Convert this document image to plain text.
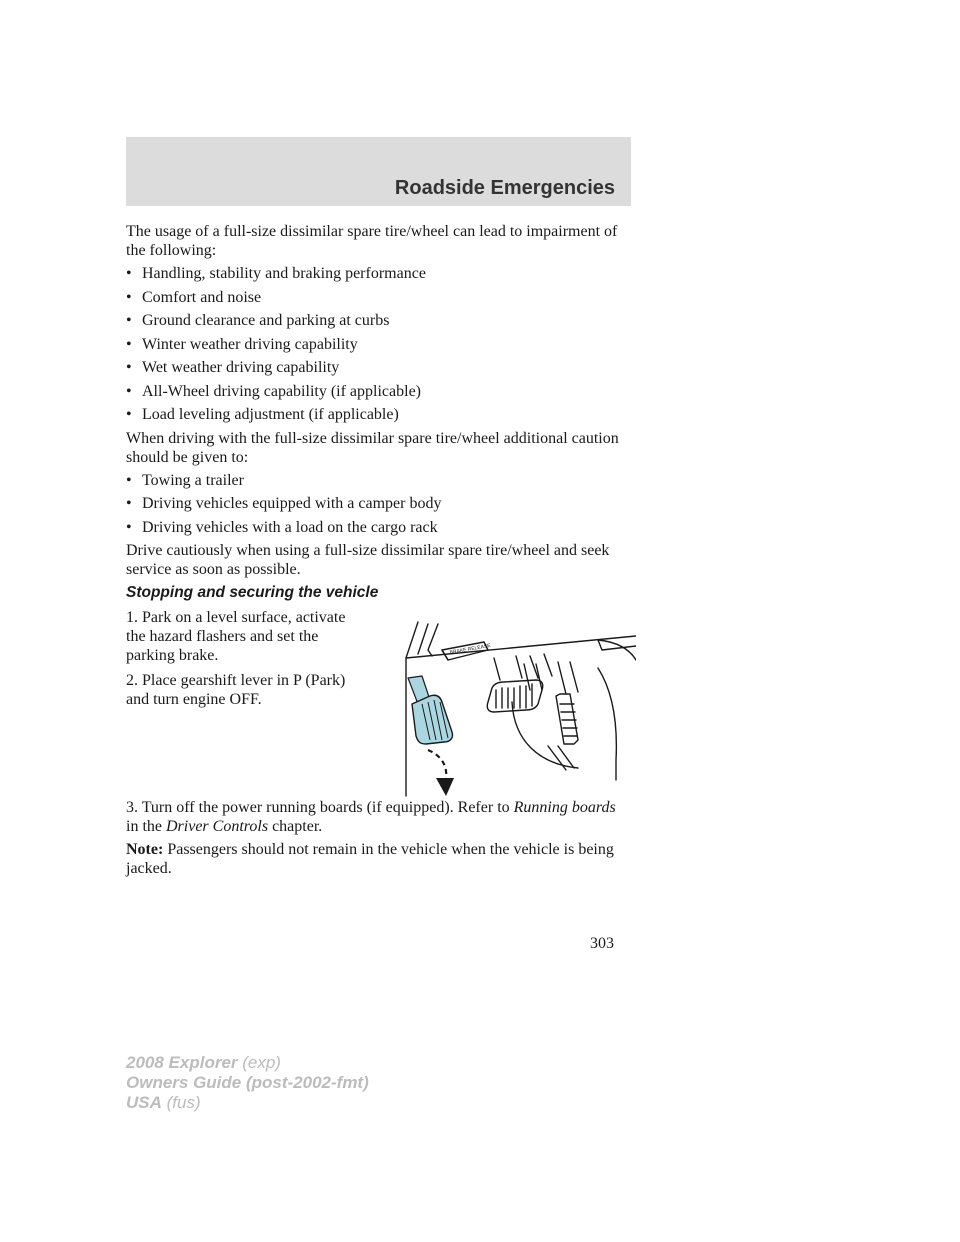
Roadside Emergencies

The usage of a full-size dissimilar spare tire/wheel can lead to impairment of the following:

• Handling, stability and braking performance
• Comfort and noise
• Ground clearance and parking at curbs
• Winter weather driving capability
• Wet weather driving capability
• All-Wheel driving capability (if applicable)
• Load leveling adjustment (if applicable)

When driving with the full-size dissimilar spare tire/wheel additional caution should be given to:

• Towing a trailer
• Driving vehicles equipped with a camper body
• Driving vehicles with a load on the cargo rack

Drive cautiously when using a full-size dissimilar spare tire/wheel and seek service as soon as possible.

Stopping and securing the vehicle

1. Park on a level surface, activate the hazard flashers and set the parking brake.

2. Place gearshift lever in P (Park) and turn engine OFF.

BRAKE RELEASE

3. Turn off the power running boards (if equipped). Refer to Running boards in the Driver Controls chapter.

Note: Passengers should not remain in the vehicle when the vehicle is being jacked.

303
2008 Explorer (exp)
Owners Guide (post-2002-fmt)
USA (fus)
